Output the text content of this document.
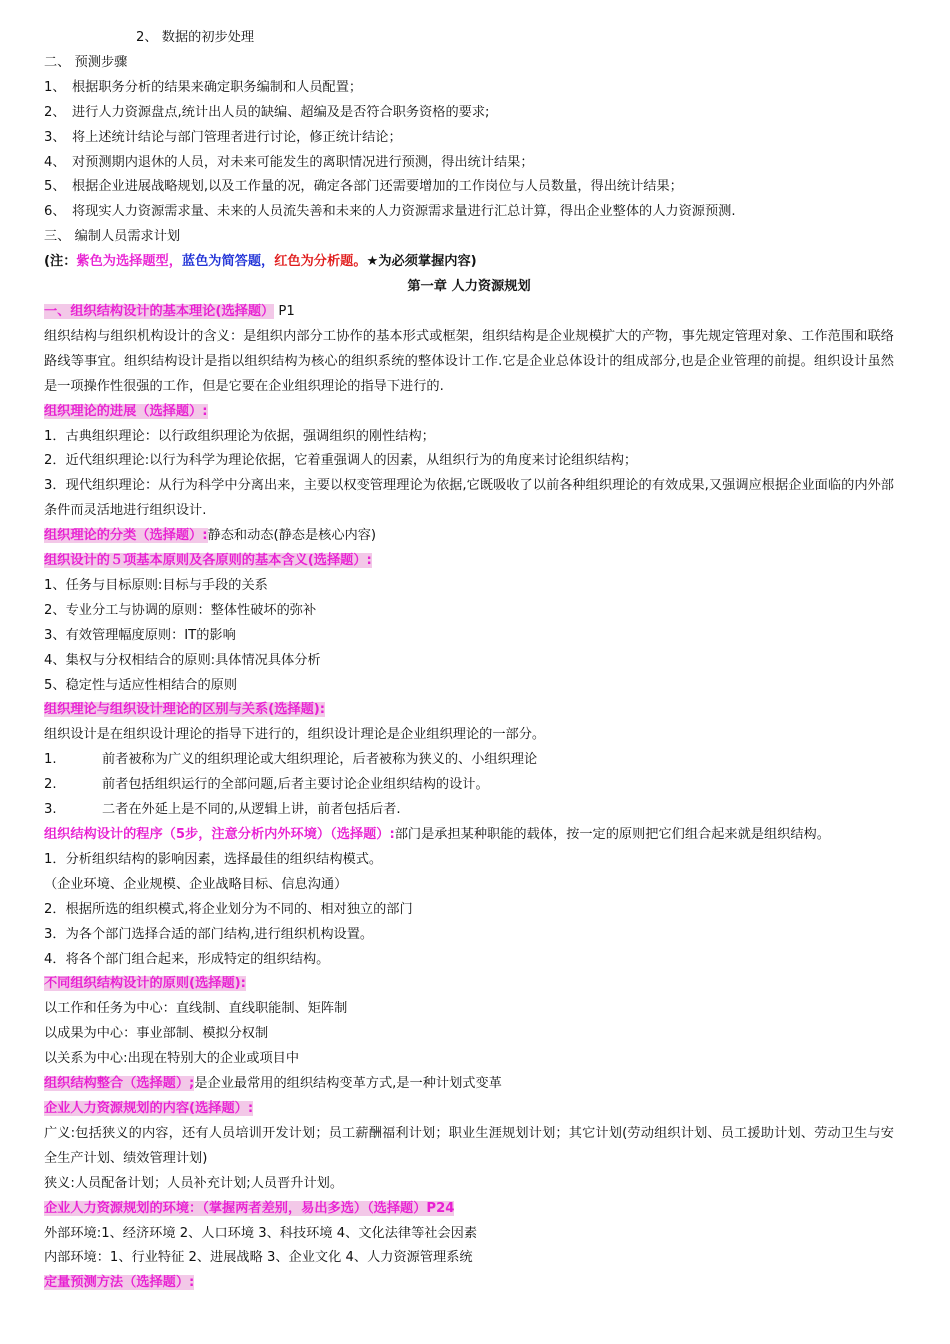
2、 数据的初步处理
二、 预测步骤
1、 根据职务分析的结果来确定职务编制和人员配置；
2、 进行人力资源盘点,统计出人员的缺编、超编及是否符合职务资格的要求;
3、 将上述统计结论与部门管理者进行讨论，修正统计结论；
4、 对预测期内退休的人员，对未来可能发生的离职情况进行预测，得出统计结果；
5、 根据企业进展战略规划,以及工作量的况，确定各部门还需要增加的工作岗位与人员数量，得出统计结果；
6、 将现实人力资源需求量、未来的人员流失善和未来的人力资源需求量进行汇总计算，得出企业整体的人力资源预测.
三、 编制人员需求计划
(注：紫色为选择题型，蓝色为简答题，红色为分析题。★为必须掌握内容)
第一章 人力资源规划
一、组织结构设计的基本理论(选择题） P1
组织结构与组织机构设计的含义：是组织内部分工协作的基本形式或框架，组织结构是企业规模扩大的产物，事先规定管理对象、工作范围和联络路线等事宜。组织结构设计是指以组织结构为核心的组织系统的整体设计工作.它是企业总体设计的组成部分,也是企业管理的前提。组织设计虽然是一项操作性很强的工作，但是它要在企业组织理论的指导下进行的.
组织理论的进展（选择题）:
1．古典组织理论：以行政组织理论为依据，强调组织的刚性结构；
2．近代组织理论:以行为科学为理论依据，它着重强调人的因素，从组织行为的角度来讨论组织结构；
3．现代组织理论：从行为科学中分离出来，主要以权变管理理论为依据,它既吸收了以前各种组织理论的有效成果,又强调应根据企业面临的内外部条件而灵活地进行组织设计.
组织理论的分类（选择题）:静态和动态(静态是核心内容)
组织设计的５项基本原则及各原则的基本含义(选择题）:
1、任务与目标原则:目标与手段的关系
2、专业分工与协调的原则：整体性破坏的弥补
3、有效管理幅度原则：IT的影响
4、集权与分权相结合的原则:具体情况具体分析
5、稳定性与适应性相结合的原则
组织理论与组织设计理论的区别与关系(选择题):
组织设计是在组织设计理论的指导下进行的，组织设计理论是企业组织理论的一部分。
1.	前者被称为广义的组织理论或大组织理论，后者被称为狭义的、小组织理论
2.	前者包括组织运行的全部问题,后者主要讨论企业组织结构的设计。
3.	二者在外延上是不同的,从逻辑上讲，前者包括后者.
组织结构设计的程序（5步，注意分析内外环境）（选择题）:部门是承担某种职能的载体，按一定的原则把它们组合起来就是组织结构。
1．分析组织结构的影响因素，选择最佳的组织结构模式。
（企业环境、企业规模、企业战略目标、信息沟通）
2．根据所选的组织模式,将企业划分为不同的、相对独立的部门
3．为各个部门选择合适的部门结构,进行组织机构设置。
4．将各个部门组合起来，形成特定的组织结构。
不同组织结构设计的原则(选择题):
以工作和任务为中心：直线制、直线职能制、矩阵制
以成果为中心：事业部制、模拟分权制
以关系为中心:出现在特别大的企业或项目中
组织结构整合（选择题）;是企业最常用的组织结构变革方式,是一种计划式变革
企业人力资源规划的内容(选择题）:
广义:包括狭义的内容，还有人员培训开发计划；员工薪酬福利计划；职业生涯规划计划；其它计划(劳动组织计划、员工援助计划、劳动卫生与安全生产计划、绩效管理计划)
狭义:人员配备计划；人员补充计划;人员晋升计划。
企业人力资源规划的环境：（掌握两者差别，易出多选）（选择题）P24
外部环境:1、经济环境 2、人口环境 3、科技环境 4、文化法律等社会因素
内部环境：1、行业特征 2、进展战略 3、企业文化 4、人力资源管理系统
定量预测方法（选择题）:
